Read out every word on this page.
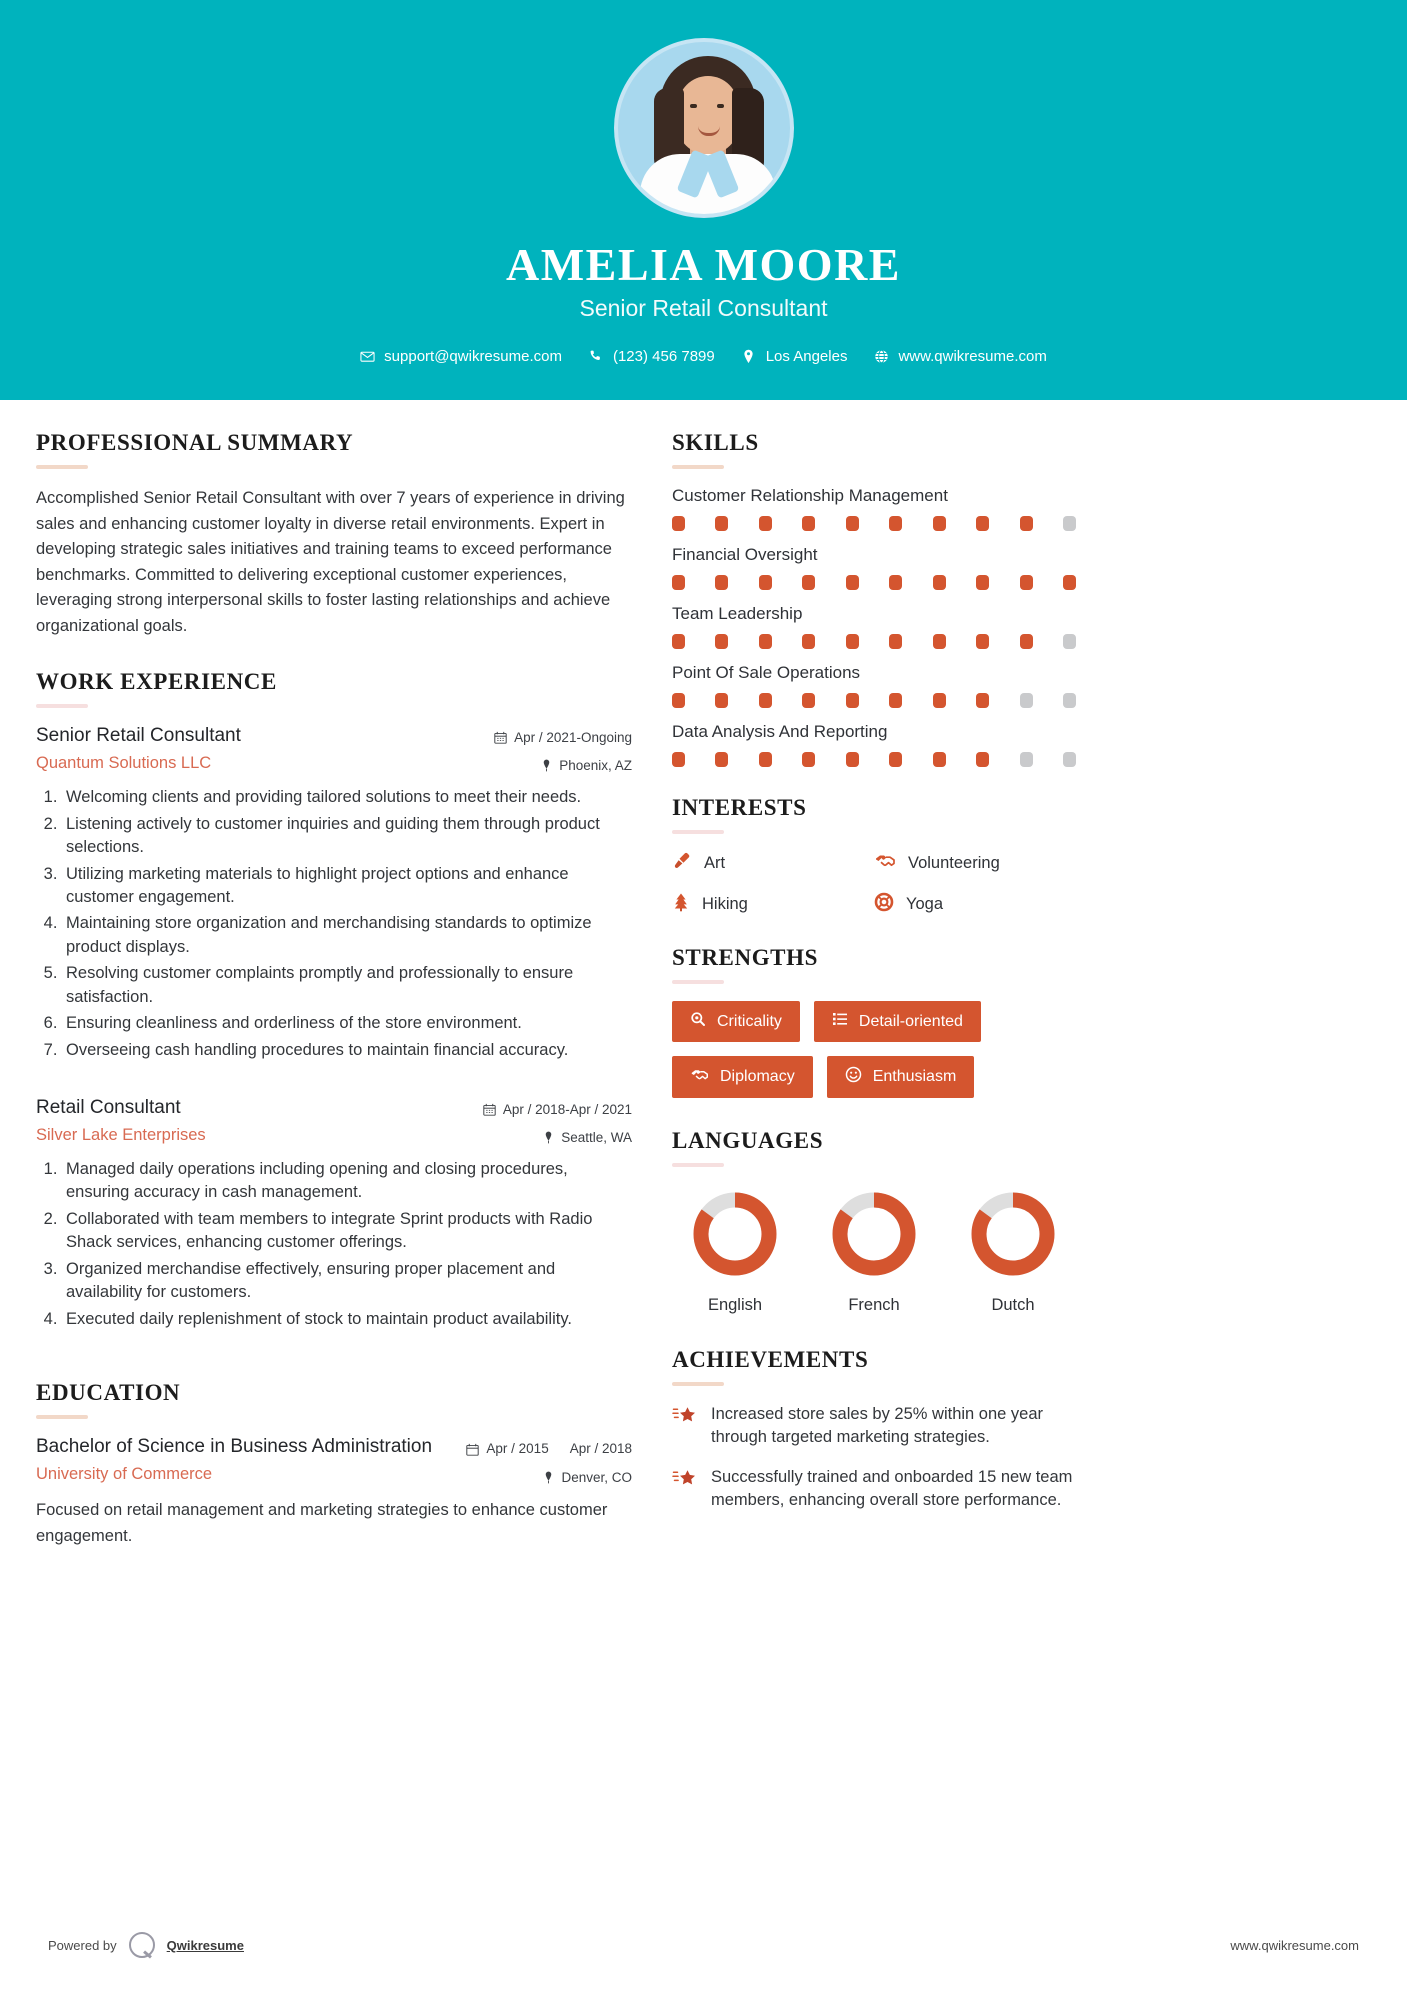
AMELIA MOORE
Senior Retail Consultant
support@qwikresume.com	(123) 456 7899	Los Angeles	www.qwikresume.com
PROFESSIONAL SUMMARY
Accomplished Senior Retail Consultant with over 7 years of experience in driving sales and enhancing customer loyalty in diverse retail environments. Expert in developing strategic sales initiatives and training teams to exceed performance benchmarks. Committed to delivering exceptional customer experiences, leveraging strong interpersonal skills to foster lasting relationships and achieve organizational goals.
WORK EXPERIENCE
Senior Retail Consultant
Quantum Solutions LLC
Apr / 2021-Ongoing
Phoenix, AZ
1. Welcoming clients and providing tailored solutions to meet their needs.
2. Listening actively to customer inquiries and guiding them through product selections.
3. Utilizing marketing materials to highlight project options and enhance customer engagement.
4. Maintaining store organization and merchandising standards to optimize product displays.
5. Resolving customer complaints promptly and professionally to ensure satisfaction.
6. Ensuring cleanliness and orderliness of the store environment.
7. Overseeing cash handling procedures to maintain financial accuracy.
Retail Consultant
Silver Lake Enterprises
Apr / 2018-Apr / 2021
Seattle, WA
1. Managed daily operations including opening and closing procedures, ensuring accuracy in cash management.
2. Collaborated with team members to integrate Sprint products with Radio Shack services, enhancing customer offerings.
3. Organized merchandise effectively, ensuring proper placement and availability for customers.
4. Executed daily replenishment of stock to maintain product availability.
EDUCATION
Bachelor of Science in Business Administration
University of Commerce
Apr / 2015 Apr / 2018
Denver, CO
Focused on retail management and marketing strategies to enhance customer engagement.
SKILLS
Customer Relationship Management
Financial Oversight
Team Leadership
Point Of Sale Operations
Data Analysis And Reporting
INTERESTS
Art	Volunteering
Hiking	Yoga
STRENGTHS
Criticality	Detail-oriented
Diplomacy	Enthusiasm
LANGUAGES
English	French	Dutch
ACHIEVEMENTS
Increased store sales by 25% within one year through targeted marketing strategies.
Successfully trained and onboarded 15 new team members, enhancing overall store performance.
Powered by	Qwikresume	www.qwikresume.com
